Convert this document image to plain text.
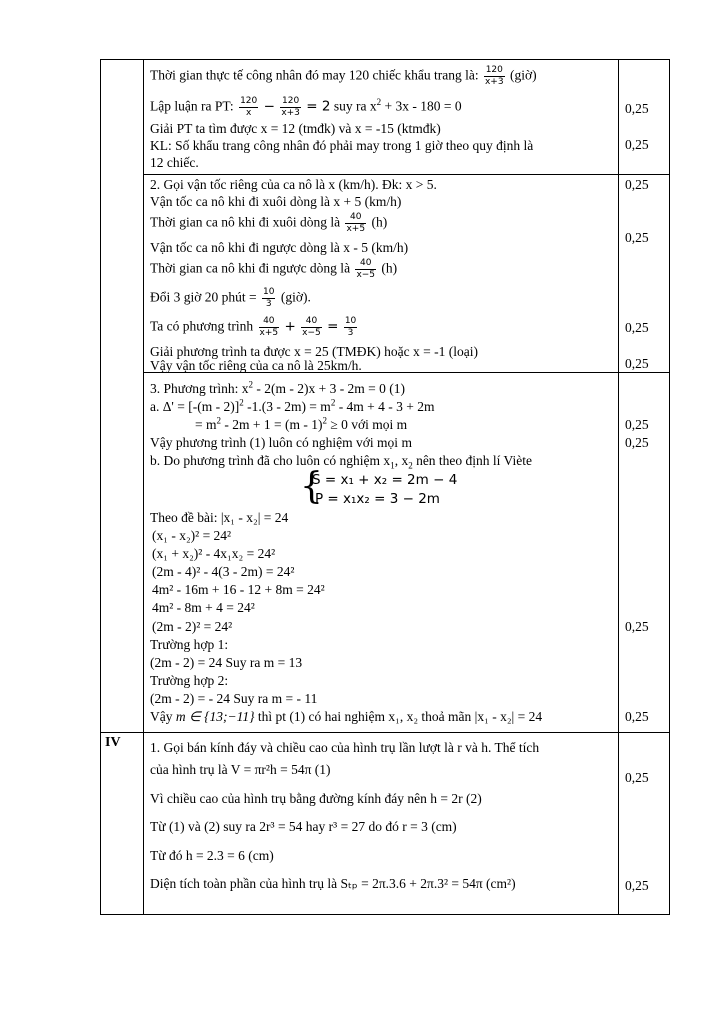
Thời gian thực tế công nhân đó may 120 chiếc khẩu trang là: $\frac{120}{x+3}$ (giờ)
Lập luận ra PT: $\frac{120}{x} - \frac{120}{x+3} = 2$ suy ra $x^2 + 3x - 180 = 0$
Giải PT ta tìm được x = 12 (tmđk) và x = -15 (ktmđk)
KL: Số khẩu trang công nhân đó phải may trong 1 giờ theo quy định là
12 chiếc.
0,25
0,25
2. Gọi vận tốc riêng của ca nô là x (km/h). Đk: x > 5.
Vận tốc ca nô khi đi xuôi dòng là x + 5 (km/h)
Thời gian ca nô khi đi xuôi dòng là $\frac{40}{x+5} (h)$
Vận tốc ca nô khi đi ngược dòng là x - 5 (km/h)
Thời gian ca nô khi đi ngược dòng là $\frac{40}{x-5} (h)$
Đổi 3 giờ 20 phút = $\frac{10}{3}$ (giờ).
Ta có phương trình $\frac{40}{x+5} + \frac{40}{x-5} = \frac{10}{3}$
Giải phương trình ta được x = 25 (TMĐK) hoặc x = -1 (loại)
Vậy vận tốc riêng của ca nô là 25km/h.
0,25
0,25
0,25
0,25
3. Phương trình: $x^2 - 2(m - 2)x + 3 - 2m = 0$ (1)
a. Δ' = [-(m - 2)]$^2$ $-1.(3 - 2m) = m^2 - 4m + 4 - 3 + 2m$
= $m^2 - 2m + 1 = (m - 1)^2 \ge 0$ với mọi m
Vậy phương trình (1) luôn có nghiệm với mọi m
b. Do phương trình đã cho luôn có nghiệm $x_1$, $x_2$ nên theo định lí Viète
{
S = x₁ + x₂ = 2m − 4
P = x₁x₂ = 3 − 2m
Theo đề bài: |x₁ - x₂| = 24
(x₁ - x₂)² = 24²
(x₁ + x₂)² - 4x₁x₂ = 24²
(2m - 4)² - 4(3 - 2m) = 24²
4m² - 16m + 16 - 12 + 8m = 24²
4m² - 8m + 4 = 24²
(2m - 2)² = 24²
Trường hợp 1:
(2m - 2) = 24 Suy ra m = 13
Trường hợp 2:
(2m - 2) = - 24 Suy ra m = - 11
Vậy m ∈ {13;−11} thì pt (1) có hai nghiệm x₁, x₂ thoả mãn |x₁ - x₂| = 24
0,25
0,25
0,25
0,25
IV 1. Gọi bán kính đáy và chiều cao của hình trụ lần lượt là r và h. Thể tích
của hình trụ là V = πr²h = 54π (1)
Vì chiều cao của hình trụ bằng đường kính đáy nên h = 2r (2)
Từ (1) và (2) suy ra 2r³ = 54 hay r³ = 27 do đó r = 3 (cm)
Từ đó h = 2.3 = 6 (cm)
Diện tích toàn phần của hình trụ là Sₜₚ = 2π.3.6 + 2π.3² = 54π (cm²)
0,25
0,25
